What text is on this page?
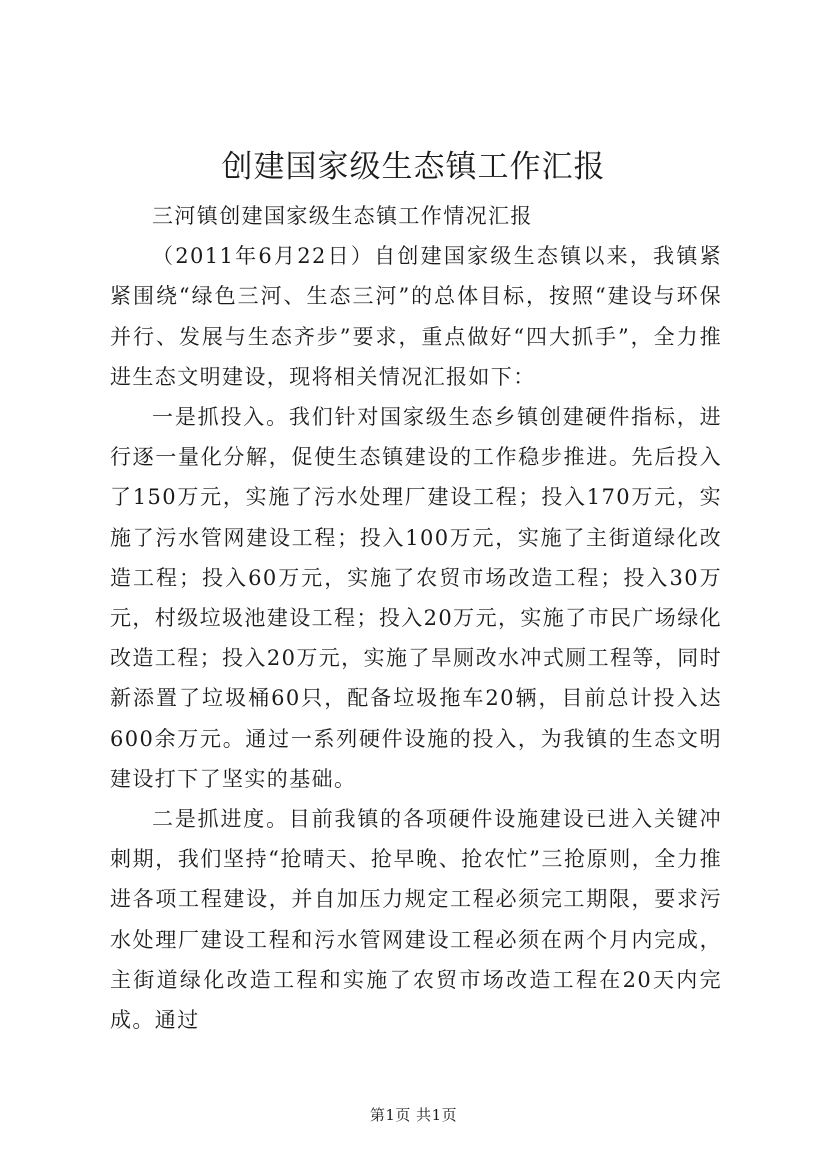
创建国家级生态镇工作汇报

三河镇创建国家级生态镇工作情况汇报

（2011年6月22日）自创建国家级生态镇以来，我镇紧紧围绕“绿色三河、生态三河”的总体目标，按照“建设与环保并行、发展与生态齐步”要求，重点做好“四大抓手”，全力推进生态文明建设，现将相关情况汇报如下：

一是抓投入。我们针对国家级生态乡镇创建硬件指标，进行逐一量化分解，促使生态镇建设的工作稳步推进。先后投入了150万元，实施了污水处理厂建设工程；投入170万元，实施了污水管网建设工程；投入100万元，实施了主街道绿化改造工程；投入60万元，实施了农贸市场改造工程；投入30万元，村级垃圾池建设工程；投入20万元，实施了市民广场绿化改造工程；投入20万元，实施了旱厕改水冲式厕工程等，同时新添置了垃圾桶60只，配备垃圾拖车20辆，目前总计投入达600余万元。通过一系列硬件设施的投入，为我镇的生态文明建设打下了坚实的基础。

二是抓进度。目前我镇的各项硬件设施建设已进入关键冲刺期，我们坚持“抢晴天、抢早晚、抢农忙”三抢原则，全力推进各项工程建设，并自加压力规定工程必须完工期限，要求污水处理厂建设工程和污水管网建设工程必须在两个月内完成，主街道绿化改造工程和实施了农贸市场改造工程在20天内完成。通过

第1页 共1页
